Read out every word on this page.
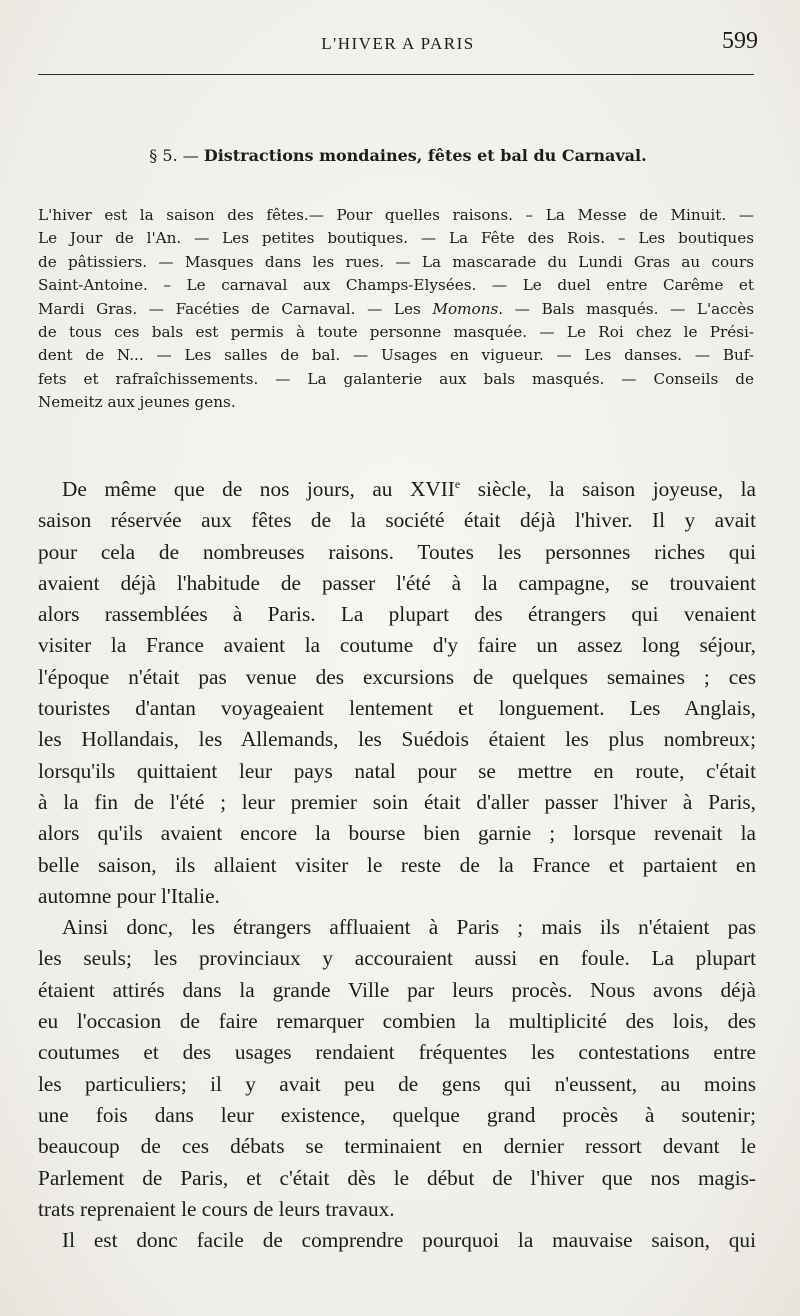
L'HIVER A PARIS	599
§ 5. — Distractions mondaines, fêtes et bal du Carnaval.
L'hiver est la saison des fêtes.— Pour quelles raisons. – La Messe de Minuit. —
Le Jour de l'An. — Les petites boutiques. — La Fête des Rois. – Les boutiques
de pâtissiers. — Masques dans les rues. — La mascarade du Lundi Gras au cours
Saint-Antoine. – Le carnaval aux Champs-Elysées. — Le duel entre Carême et
Mardi Gras. — Facéties de Carnaval. — Les Momons. — Bals masqués. — L'accès
de tous ces bals est permis à toute personne masquée. — Le Roi chez le Prési-
dent de N... — Les salles de bal. — Usages en vigueur. — Les danses. — Buf-
fets et rafraîchissements. — La galanterie aux bals masqués. — Conseils de
Nemeitz aux jeunes gens.
De même que de nos jours, au XVIIe siècle, la saison joyeuse, la
saison réservée aux fêtes de la société était déjà l'hiver. Il y avait
pour cela de nombreuses raisons. Toutes les personnes riches qui
avaient déjà l'habitude de passer l'été à la campagne, se trouvaient
alors rassemblées à Paris. La plupart des étrangers qui venaient
visiter la France avaient la coutume d'y faire un assez long séjour,
l'époque n'était pas venue des excursions de quelques semaines ; ces
touristes d'antan voyageaient lentement et longuement. Les Anglais,
les Hollandais, les Allemands, les Suédois étaient les plus nombreux;
lorsqu'ils quittaient leur pays natal pour se mettre en route, c'était
à la fin de l'été ; leur premier soin était d'aller passer l'hiver à Paris,
alors qu'ils avaient encore la bourse bien garnie ; lorsque revenait la
belle saison, ils allaient visiter le reste de la France et partaient en
automne pour l'Italie.
Ainsi donc, les étrangers affluaient à Paris ; mais ils n'étaient pas
les seuls; les provinciaux y accouraient aussi en foule. La plupart
étaient attirés dans la grande Ville par leurs procès. Nous avons déjà
eu l'occasion de faire remarquer combien la multiplicité des lois, des
coutumes et des usages rendaient fréquentes les contestations entre
les particuliers; il y avait peu de gens qui n'eussent, au moins
une fois dans leur existence, quelque grand procès à soutenir;
beaucoup de ces débats se terminaient en dernier ressort devant le
Parlement de Paris, et c'était dès le début de l'hiver que nos magis-
trats reprenaient le cours de leurs travaux.
Il est donc facile de comprendre pourquoi la mauvaise saison, qui
